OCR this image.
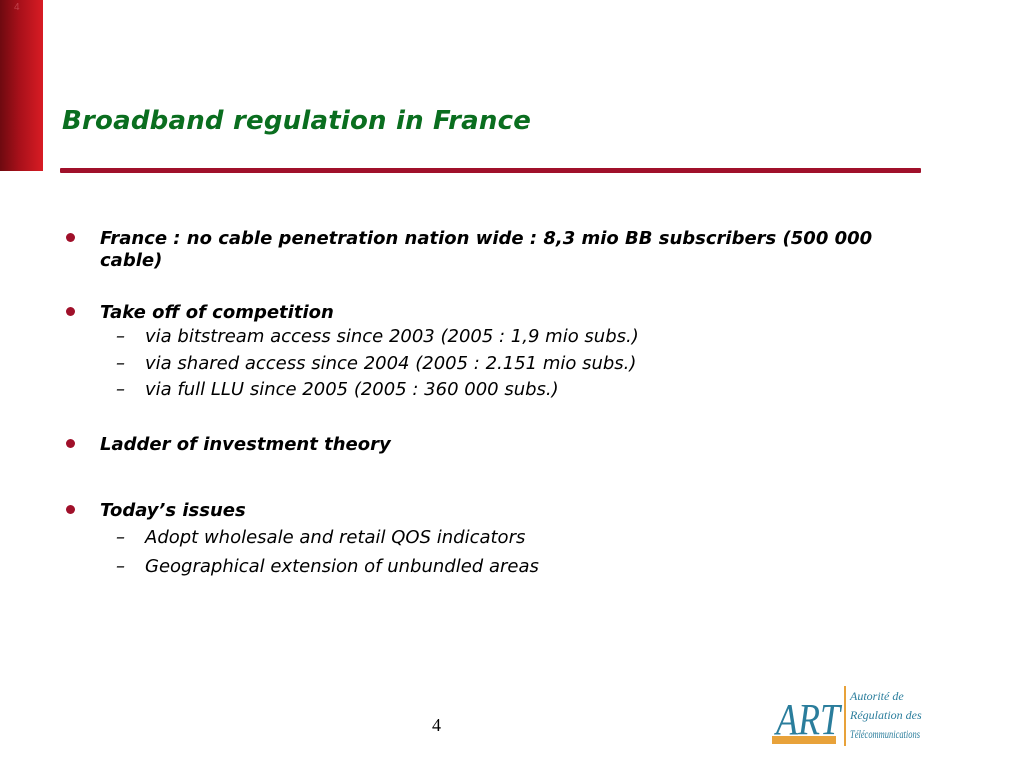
4
Broadband regulation in France
France : no cable penetration nation wide : 8,3 mio BB subscribers (500 000 cable)
Take off of competition
– via bitstream access since 2003 (2005 : 1,9 mio subs.)
– via shared access since 2004 (2005 : 2.151 mio subs.)
– via full LLU since 2005 (2005 : 360 000 subs.)
Ladder of investment theory
Today’s issues
– Adopt wholesale and retail QOS indicators
– Geographical extension of unbundled areas
4	ART Autorité de
Régulation des
Télécommunications
